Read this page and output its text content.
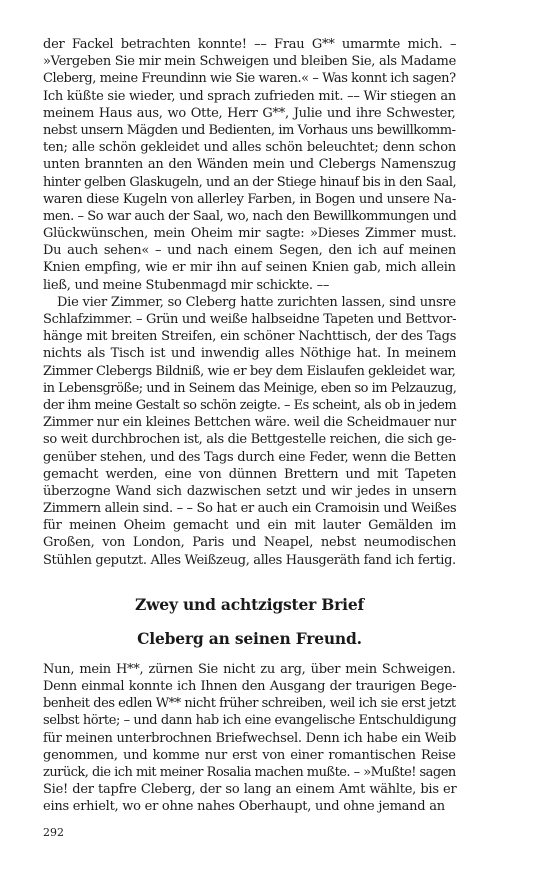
der Fackel betrachten konnte! –– Frau G** umarmte mich. –
»Vergeben Sie mir mein Schweigen und bleiben Sie, als Madame
Cleberg, meine Freundinn wie Sie waren.« – Was konnt ich sagen?
Ich küßte sie wieder, und sprach zufrieden mit. –– Wir stiegen an
meinem Haus aus, wo Otte, Herr G**, Julie und ihre Schwester,
nebst unsern Mägden und Bedienten, im Vorhaus uns bewillkomm-
ten; alle schön gekleidet und alles schön beleuchtet; denn schon
unten brannten an den Wänden mein und Clebergs Namenszug
hinter gelben Glaskugeln, und an der Stiege hinauf bis in den Saal,
waren diese Kugeln von allerley Farben, in Bogen und unsere Na-
men. – So war auch der Saal, wo, nach den Bewillkommungen und
Glückwünschen, mein Oheim mir sagte: »Dieses Zimmer must.
Du auch sehen« – und nach einem Segen, den ich auf meinen
Knien empfing, wie er mir ihn auf seinen Knien gab, mich allein
ließ, und meine Stubenmagd mir schickte. ––
Die vier Zimmer, so Cleberg hatte zurichten lassen, sind unsre
Schlafzimmer. – Grün und weiße halbseidne Tapeten und Bettvor-
hänge mit breiten Streifen, ein schöner Nachttisch, der des Tags
nichts als Tisch ist und inwendig alles Nöthige hat. In meinem
Zimmer Clebergs Bildniß, wie er bey dem Eislaufen gekleidet war,
in Lebensgröße; und in Seinem das Meinige, eben so im Pelzauzug,
der ihm meine Gestalt so schön zeigte. – Es scheint, als ob in jedem
Zimmer nur ein kleines Bettchen wäre. weil die Scheidmauer nur
so weit durchbrochen ist, als die Bettgestelle reichen, die sich ge-
genüber stehen, und des Tags durch eine Feder, wenn die Betten
gemacht werden, eine von dünnen Brettern und mit Tapeten
überzogne Wand sich dazwischen setzt und wir jedes in unsern
Zimmern allein sind. – – So hat er auch ein Cramoisin und Weißes
für meinen Oheim gemacht und ein mit lauter Gemälden im
Großen, von London, Paris und Neapel, nebst neumodischen
Stühlen geputzt. Alles Weißzeug, alles Hausgeräth fand ich fertig.
Zwey und achtzigster Brief
Cleberg an seinen Freund.
Nun, mein H**, zürnen Sie nicht zu arg, über mein Schweigen.
Denn einmal konnte ich Ihnen den Ausgang der traurigen Bege-
benheit des edlen W** nicht früher schreiben, weil ich sie erst jetzt
selbst hörte; – und dann hab ich eine evangelische Entschuldigung
für meinen unterbrochnen Briefwechsel. Denn ich habe ein Weib
genommen, und komme nur erst von einer romantischen Reise
zurück, die ich mit meiner Rosalia machen mußte. – »Mußte! sagen
Sie! der tapfre Cleberg, der so lang an einem Amt wählte, bis er
eins erhielt, wo er ohne nahes Oberhaupt, und ohne jemand an
292
